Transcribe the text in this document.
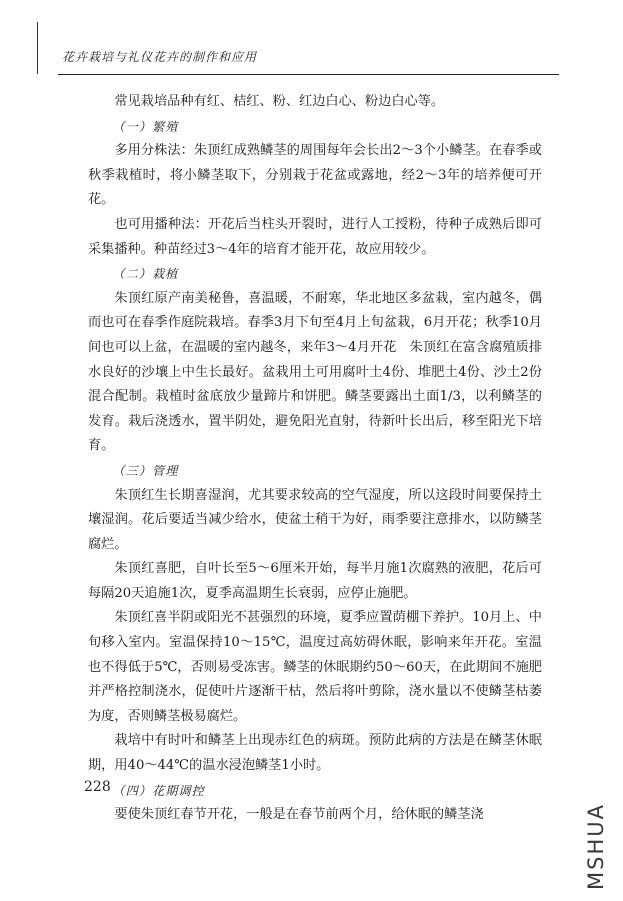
花卉栽培与礼仪花卉的制作和应用

常见栽培品种有红、桔红、粉、红边白心、粉边白心等。

（一）繁殖

多用分株法：朱顶红成熟鳞茎的周围每年会长出2～3个小鳞茎。在春季或秋季栽植时，将小鳞茎取下，分别栽于花盆或露地，经2～3年的培养便可开花。

也可用播种法：开花后当柱头开裂时，进行人工授粉，待种子成熟后即可采集播种。种苗经过3～4年的培育才能开花，故应用较少。

（二）栽植

朱顶红原产南美秘鲁，喜温暖，不耐寒，华北地区多盆栽，室内越冬，偶而也可在春季作庭院栽培。春季3月下旬至4月上旬盆栽，6月开花；秋季10月间也可以上盆，在温暖的室内越冬，来年3～4月开花　朱顶红在富含腐殖质排水良好的沙壤上中生长最好。盆栽用土可用腐叶土4份、堆肥土4份、沙土2份混合配制。栽植时盆底放少量蹄片和饼肥。鳞茎要露出土面1/3，以利鳞茎的发育。栽后浇透水，置半阴处，避免阳光直射，待新叶长出后，移至阳光下培育。

（三）管理

朱顶红生长期喜湿润，尤其要求较高的空气湿度，所以这段时间要保持土壤湿润。花后要适当减少给水，使盆土稍干为好，雨季要注意排水，以防鳞茎腐烂。

朱顶红喜肥，自叶长至5～6厘米开始，每半月施1次腐熟的液肥，花后可每隔20天追施1次，夏季高温期生长衰弱，应停止施肥。

朱顶红喜半阴或阳光不甚强烈的环境，夏季应置荫棚下养护。10月上、中旬移入室内。室温保持10～15℃，温度过高妨碍休眠，影响来年开花。室温也不得低于5℃，否则易受冻害。鳞茎的休眠期约50～60天，在此期间不施肥并严格控制浇水，促使叶片逐渐干枯，然后将叶剪除，浇水量以不使鳞茎枯萎为度，否则鳞茎极易腐烂。

栽培中有时叶和鳞茎上出现赤红色的病斑。预防此病的方法是在鳞茎休眠期，用40～44℃的温水浸泡鳞茎1小时。

（四）花期调控

要使朱顶红春节开花，一般是在春节前两个月，给休眠的鳞茎浇

228
MSHUA
